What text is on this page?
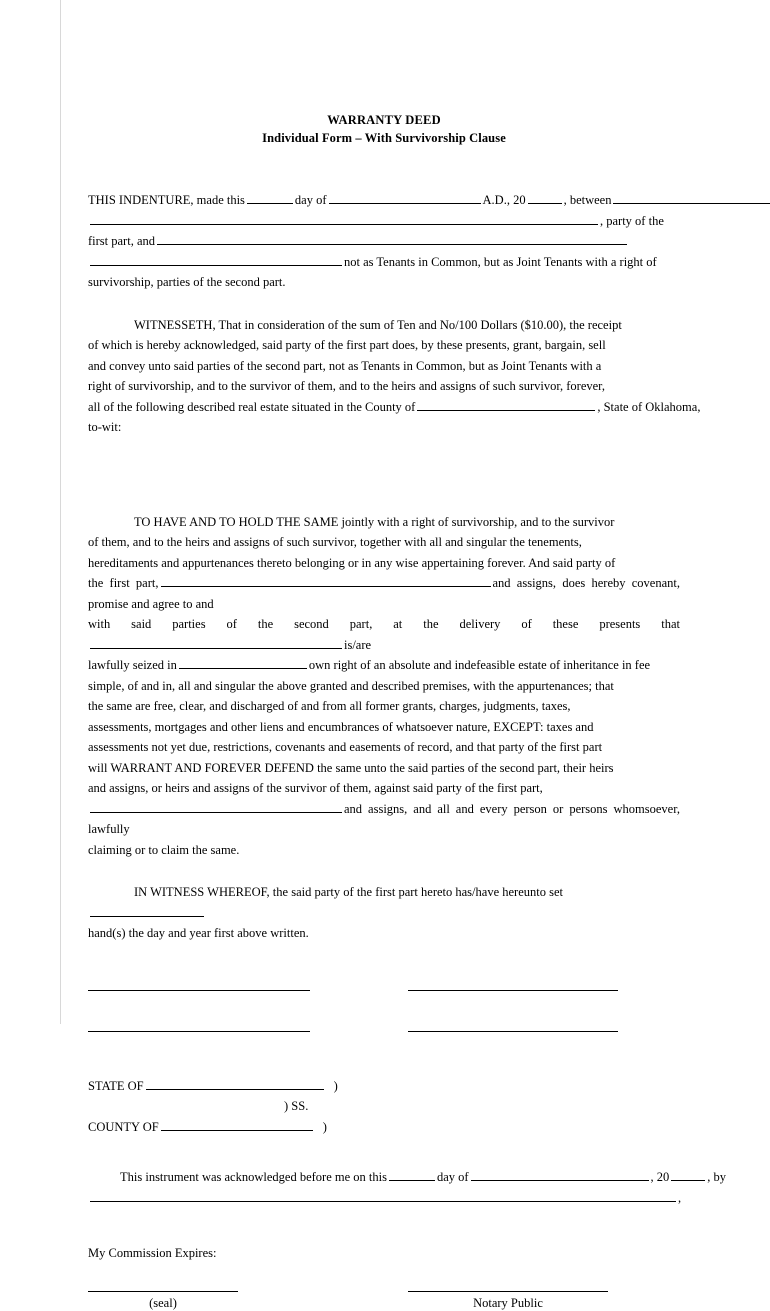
WARRANTY DEED
Individual Form – With Survivorship Clause
THIS INDENTURE, made this	day of	A.D., 20	, between
, party of the
first part, and
not as Tenants in Common, but as Joint Tenants with a right of
survivorship, parties of the second part.
WITNESSETH, That in consideration of the sum of Ten and No/100 Dollars ($10.00), the receipt
of which is hereby acknowledged, said party of the first part does, by these presents, grant, bargain, sell
and convey unto said parties of the second part, not as Tenants in Common, but as Joint Tenants with a
right of survivorship, and to the survivor of them, and to the heirs and assigns of such survivor, forever,
all of the following described real estate situated in the County of	, State of Oklahoma,
to-wit:
TO HAVE AND TO HOLD THE SAME jointly with a right of survivorship, and to the survivor
of them, and to the heirs and assigns of such survivor, together with all and singular the tenements,
hereditaments and appurtenances thereto belonging or in any wise appertaining forever. And said party of
the first part,	and assigns, does hereby covenant, promise and agree to and
with said parties of the second part, at the delivery of these presents thatis/are
lawfully seized in	own right of an absolute and indefeasible estate of inheritance in fee
simple, of and in, all and singular the above granted and described premises, with the appurtenances; that
the same are free, clear, and discharged of and from all former grants, charges, judgments, taxes,
assessments, mortgages and other liens and encumbrances of whatsoever nature, EXCEPT: taxes and
assessments not yet due, restrictions, covenants and easements of record, and that party of the first part
will WARRANT AND FOREVER DEFEND the same unto the said parties of the second part, their heirs
and assigns, or heirs and assigns of the survivor of them, against said party of the first part,
and assigns, and all and every person or persons whomsoever, lawfully
claiming or to claim the same.
IN WITNESS WHEREOF, the said party of the first part hereto has/have hereunto set
hand(s) the day and year first above written.
STATE OF	)
) SS.
COUNTY OF	)
This instrument was acknowledged before me on this	day of	, 20	, by
,
My Commission Expires:
(seal)	Notary Public
